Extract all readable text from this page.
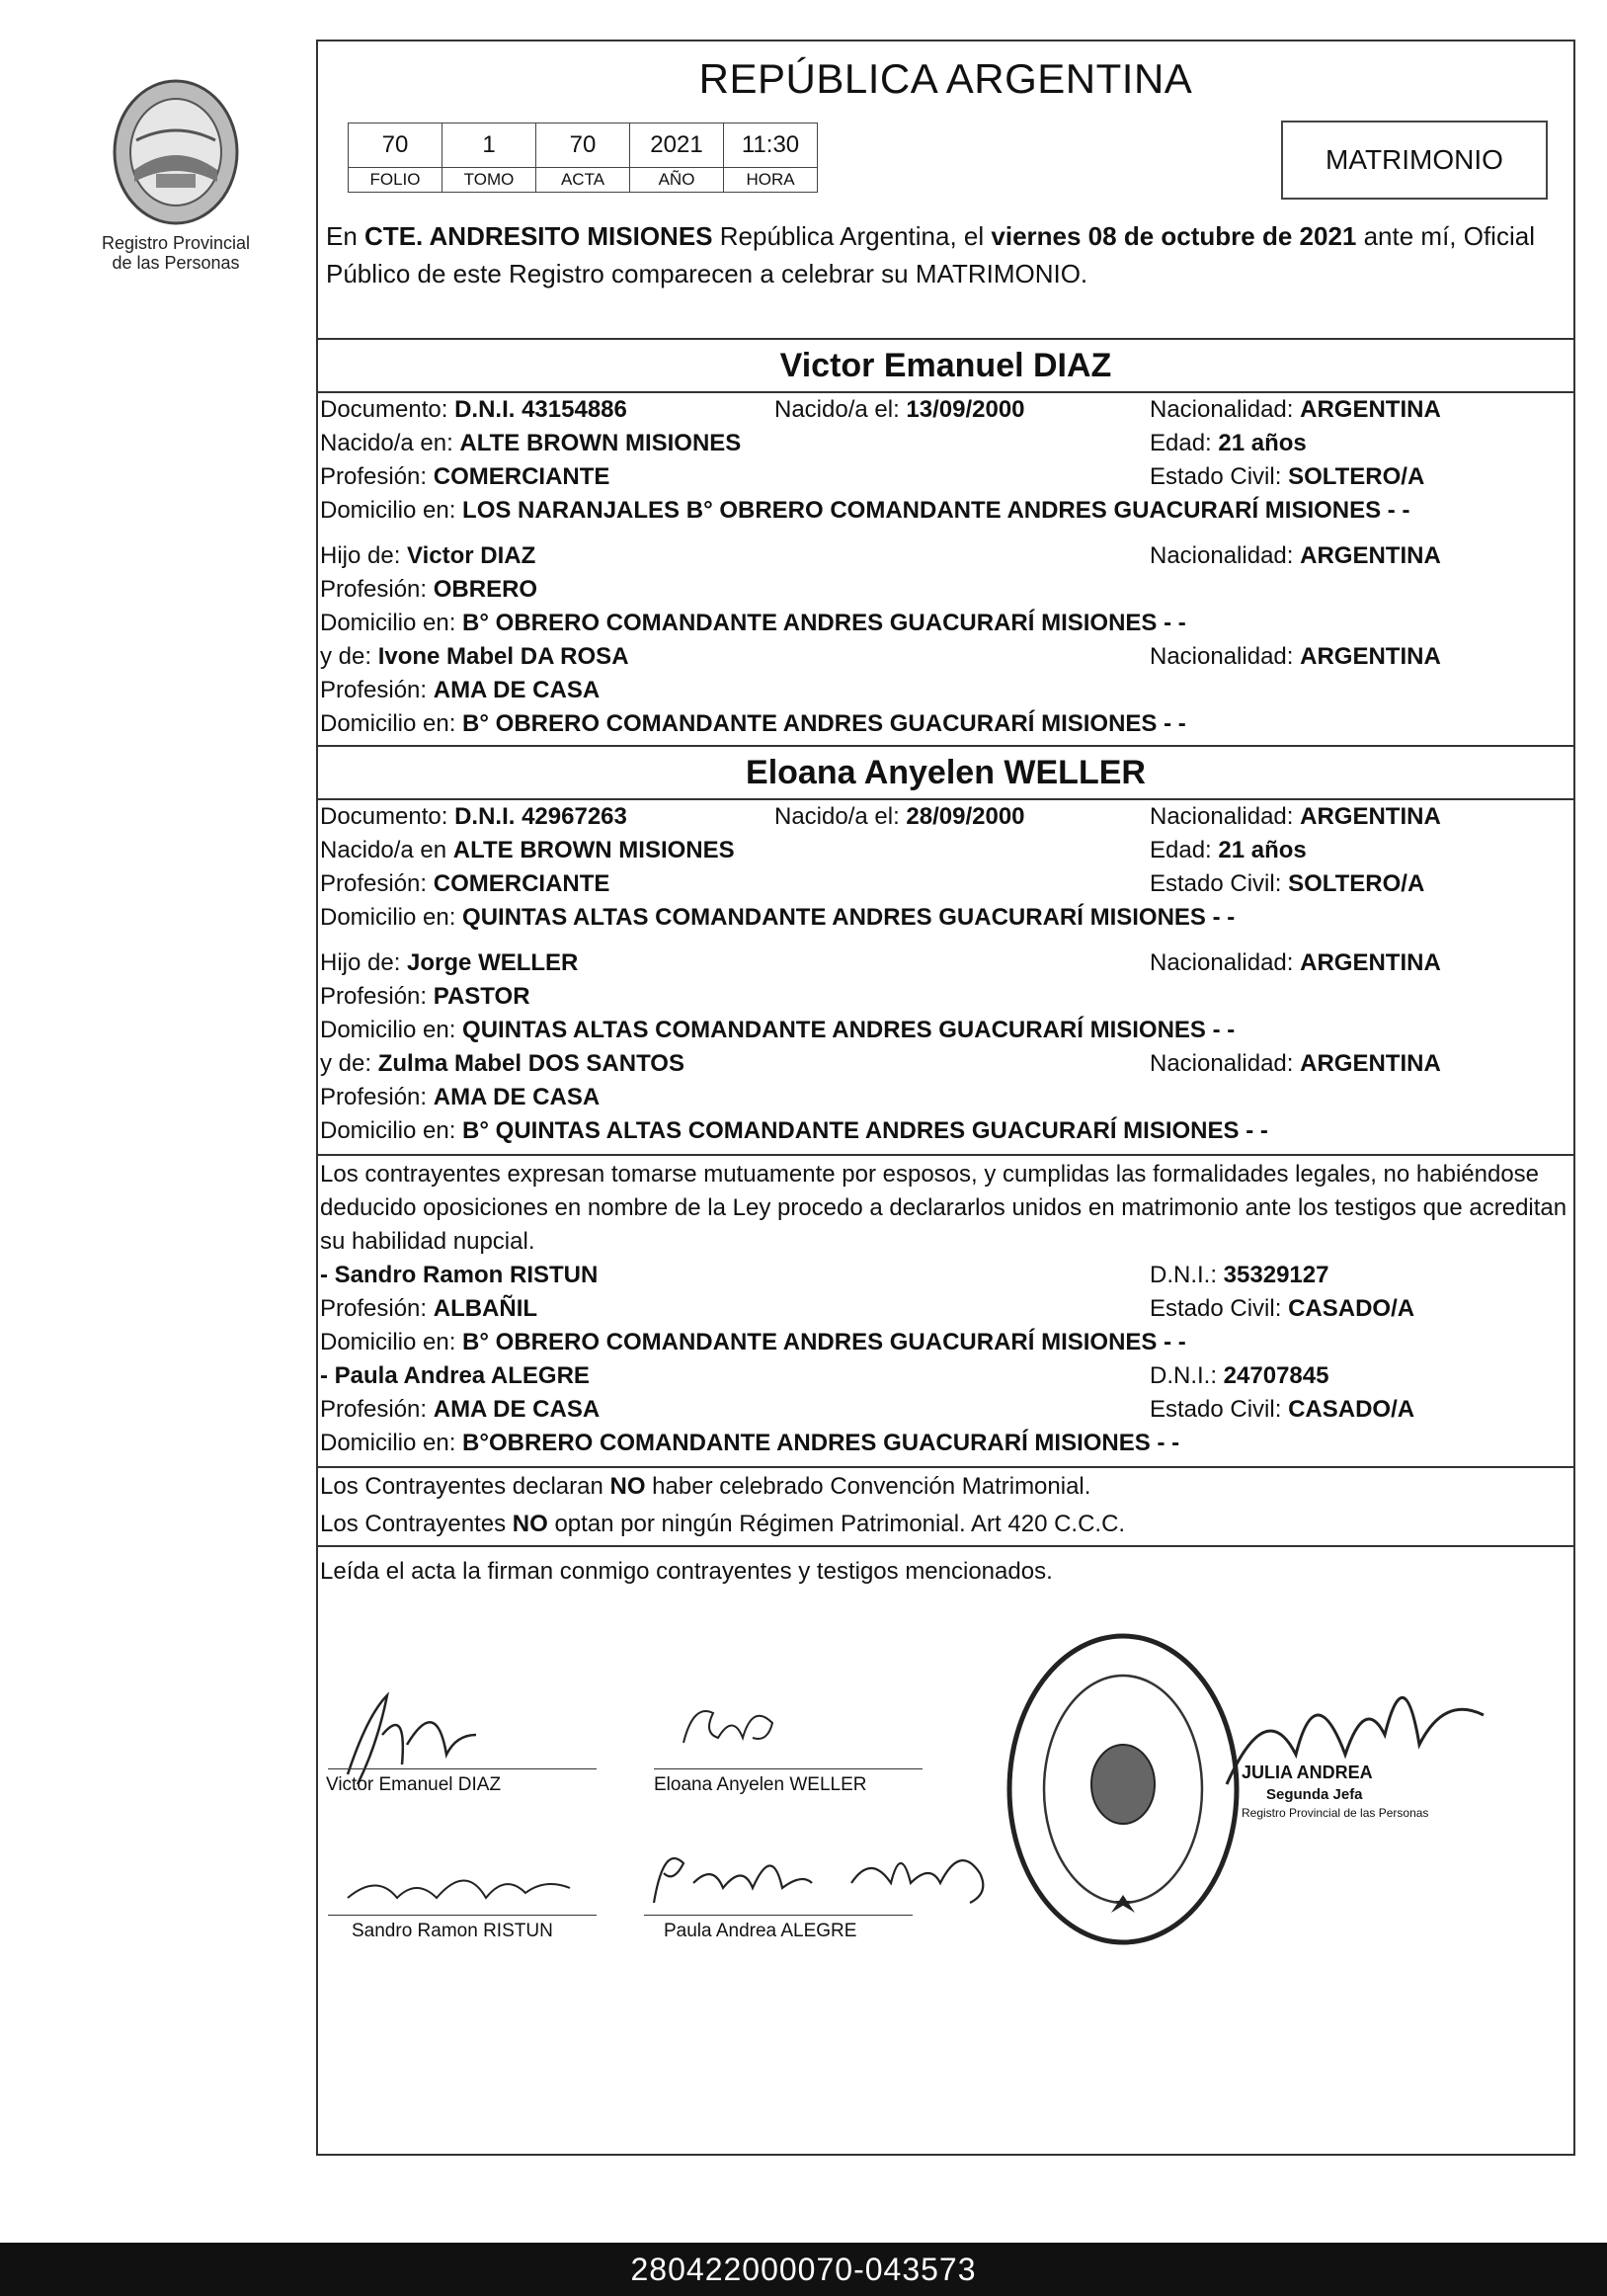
Registro Provincial
de las Personas
REPÚBLICA ARGENTINA
70	1	70	2021	11:30
FOLIO	TOMO	ACTA	AÑO	HORA
MATRIMONIO
En CTE. ANDRESITO MISIONES República Argentina, el viernes 08 de octubre de 2021 ante mí, Oficial Público de este Registro comparecen a celebrar su MATRIMONIO.
Victor Emanuel DIAZ
Documento: D.N.I. 43154886	Nacido/a el: 13/09/2000	Nacionalidad: ARGENTINA
Nacido/a en: ALTE BROWN MISIONES	Edad: 21 años
Profesión: COMERCIANTE	Estado Civil: SOLTERO/A
Domicilio en: LOS NARANJALES B° OBRERO COMANDANTE ANDRES GUACURARÍ MISIONES - -
Hijo de: Victor DIAZ	Nacionalidad: ARGENTINA
Profesión: OBRERO
Domicilio en: B° OBRERO COMANDANTE ANDRES GUACURARÍ MISIONES - -
y de: Ivone Mabel DA ROSA	Nacionalidad: ARGENTINA
Profesión: AMA DE CASA
Domicilio en: B° OBRERO COMANDANTE ANDRES GUACURARÍ MISIONES - -
Eloana Anyelen WELLER
Documento: D.N.I. 42967263	Nacido/a el: 28/09/2000	Nacionalidad: ARGENTINA
Nacido/a en ALTE BROWN MISIONES	Edad: 21 años
Profesión: COMERCIANTE	Estado Civil: SOLTERO/A
Domicilio en: QUINTAS ALTAS COMANDANTE ANDRES GUACURARÍ MISIONES - -
Hijo de: Jorge WELLER	Nacionalidad: ARGENTINA
Profesión: PASTOR
Domicilio en: QUINTAS ALTAS COMANDANTE ANDRES GUACURARÍ MISIONES - -
y de: Zulma Mabel DOS SANTOS	Nacionalidad: ARGENTINA
Profesión: AMA DE CASA
Domicilio en: B° QUINTAS ALTAS COMANDANTE ANDRES GUACURARÍ MISIONES - -
Los contrayentes expresan tomarse mutuamente por esposos, y cumplidas las formalidades legales, no habiéndose deducido oposiciones en nombre de la Ley procedo a declararlos unidos en matrimonio ante los testigos que acreditan su habilidad nupcial.
- Sandro Ramon RISTUN	D.N.I.: 35329127
Profesión: ALBAÑIL	Estado Civil: CASADO/A
Domicilio en: B° OBRERO COMANDANTE ANDRES GUACURARÍ MISIONES - -
- Paula Andrea ALEGRE	D.N.I.: 24707845
Profesión: AMA DE CASA	Estado Civil: CASADO/A
Domicilio en: B°OBRERO COMANDANTE ANDRES GUACURARÍ MISIONES - -
Los Contrayentes declaran NO haber celebrado Convención Matrimonial.
Los Contrayentes NO optan por ningún Régimen Patrimonial. Art 420 C.C.C.
Leída el acta la firman conmigo contrayentes y testigos mencionados.
Victor Emanuel DIAZ	Eloana Anyelen WELLER
Sandro Ramon RISTUN	Paula Andrea ALEGRE
JULIA ANDREA
Segunda Jefa
Registro Provincial de las Personas
280422000070-043573
